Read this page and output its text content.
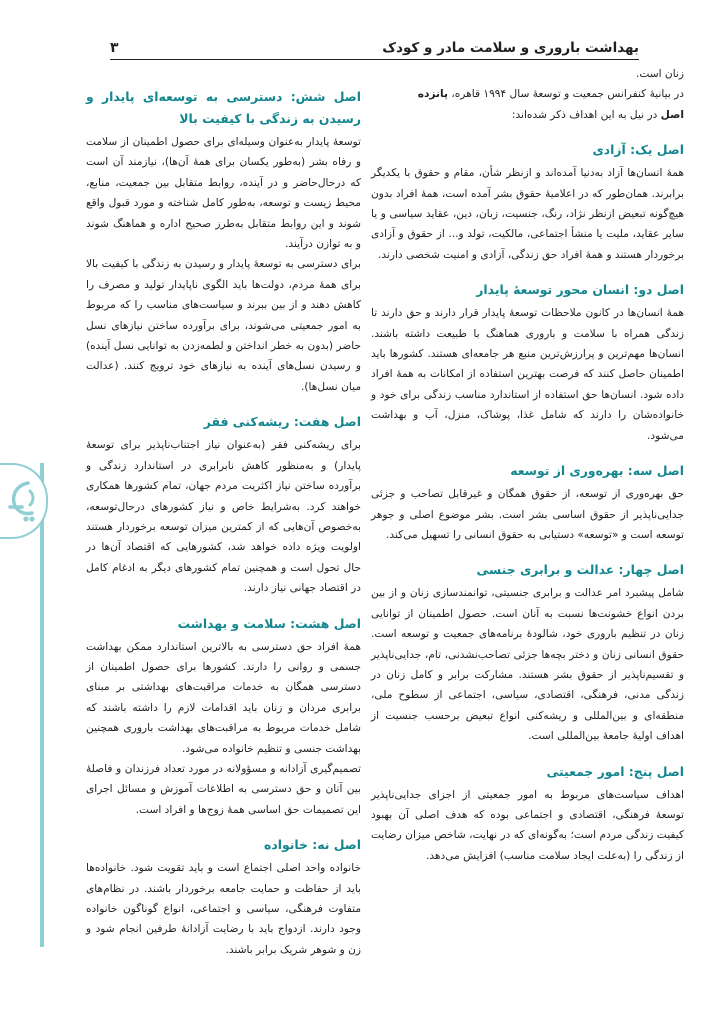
بهداشت باروری و سلامت مادر و کودک
۳

زنان است.

در بیانیهٔ کنفرانس جمعیت و توسعهٔ سال ۱۹۹۴ قاهره، پانزده

اصل در نیل به این اهداف ذکر شده‌اند:

اصل یک: آزادی

همهٔ انسان‌ها آزاد به‌دنیا آمده‌اند و ازنظر شأن، مقام و حقوق با یکدیگر برابرند. همان‌طور که در اعلامیهٔ حقوق بشر آمده است، همهٔ افراد بدون هیچ‌گونه تبعیض ازنظر نژاد، رنگ، جنسیت، زبان، دین، عقاید سیاسی و یا سایر عقاید، ملیت یا منشأ اجتماعی، مالکیت، تولد و... از حقوق و آزادی برخوردار هستند و همهٔ افراد حق زندگی، آزادی و امنیت شخصی دارند.

اصل دو: انسان محور توسعهٔ پایدار

همهٔ انسان‌ها در کانون ملاحظات توسعهٔ پایدار قرار دارند و حق دارند تا زندگی همراه با سلامت و باروری هماهنگ با طبیعت داشته باشند. انسان‌ها مهم‌ترین و پرارزش‌ترین منبع هر جامعه‌ای هستند. کشورها باید اطمینان حاصل کنند که فرصت بهترین استفاده از امکانات به همهٔ افراد داده شود. انسان‌ها حق استفاده از استاندارد مناسب زندگی برای خود و خانواده‌شان را دارند که شامل غذا، پوشاک، منزل، آب و بهداشت می‌شود.

اصل سه: بهره‌وری از توسعه

حق بهره‌وری از توسعه، از حقوق همگان و غیرقابل تصاحب و جزئی جدایی‌ناپذیر از حقوق اساسی بشر است. بشر موضوع اصلی و جوهر توسعه است و «توسعه» دستیابی به حقوق انسانی را تسهیل می‌کند.

اصل چهار: عدالت و برابری جنسی

شامل پیشبرد امر عدالت و برابری جنسیتی، توانمندسازی زنان و از بین بردن انواع خشونت‌ها نسبت به آنان است. حصول اطمینان از توانایی زنان در تنظیم باروری خود، شالودهٔ برنامه‌های جمعیت و توسعه است. حقوق انسانی زنان و دختر بچه‌ها جزئی تصاحب‌نشدنی، تام، جدایی‌ناپذیر و تقسیم‌ناپذیر از حقوق بشر هستند. مشارکت برابر و کامل زنان در زندگی مدنی، فرهنگی، اقتصادی، سیاسی، اجتماعی از سطوح ملی، منطقه‌ای و بین‌المللی و ریشه‌کنی انواع تبعیض برحسب جنسیت از اهداف اولیهٔ جامعهٔ بین‌المللی است.

اصل پنج: امور جمعیتی

اهداف سیاست‌های مربوط به امور جمعیتی از اجزای جدایی‌ناپذیر توسعهٔ فرهنگی، اقتصادی و اجتماعی بوده که هدف اصلی آن بهبود کیفیت زندگی مردم است؛ به‌گونه‌ای که در نهایت، شاخص میزان رضایت از زندگی را (به‌علت ایجاد سلامت مناسب) افزایش می‌دهد.

اصل شش: دسترسی به توسعه‌ای پایدار و رسیدن به زندگی با کیفیت بالا

توسعهٔ پایدار به‌عنوان وسیله‌ای برای حصول اطمینان از سلامت و رفاه بشر (به‌طور یکسان برای همهٔ آن‌ها)، نیازمند آن است که درحال‌حاضر و در آینده، روابط متقابل بین جمعیت، منابع، محیط زیست و توسعه، به‌طور کامل شناخته و مورد قبول واقع شوند و این روابط متقابل به‌طرز صحیح اداره و هماهنگ شوند و به توازن درآیند.

برای دسترسی به توسعهٔ پایدار و رسیدن به زندگی با کیفیت بالا برای همهٔ مردم، دولت‌ها باید الگوی ناپایدار تولید و مصرف را کاهش دهند و از بین ببرند و سیاست‌های مناسب را که مربوط به امور جمعیتی می‌شوند، برای برآورده ساختن نیازهای نسل حاضر (بدون به خطر انداختن و لطمه‌زدن به توانایی نسل آینده) و رسیدن نسل‌های آینده به نیازهای خود ترویج کنند. (عدالت میان نسل‌ها).

اصل هفت: ریشه‌کنی فقر

برای ریشه‌کنی فقر (به‌عنوان نیاز اجتناب‌ناپذیر برای توسعهٔ پایدار) و به‌منظور کاهش نابرابری در استاندارد زندگی و برآورده ساختن نیاز اکثریت مردم جهان، تمام کشورها همکاری خواهند کرد. به‌شرایط خاص و نیاز کشورهای درحال‌توسعه، به‌خصوص آن‌هایی که از کمترین میزان توسعه برخوردار هستند اولویت ویژه داده خواهد شد، کشورهایی که اقتصاد آن‌ها در حال تحول است و همچنین تمام کشورهای دیگر به ادغام کامل در اقتصاد جهانی نیاز دارند.

اصل هشت: سلامت و بهداشت

همهٔ افراد حق دسترسی به بالاترین استاندارد ممکن بهداشت جسمی و روانی را دارند. کشورها برای حصول اطمینان از دسترسی همگان به خدمات مراقبت‌های بهداشتی بر مبنای برابری مردان و زنان باید اقدامات لازم را داشته باشند که شامل خدمات مربوط به مراقبت‌های بهداشت باروری همچنین بهداشت جنسی و تنظیم خانواده می‌شود.

تصمیم‌گیری آزادانه و مسؤولانه در مورد تعداد فرزندان و فاصلهٔ بین آنان و حق دسترسی به اطلاعات آموزش و مسائل اجرای این تصمیمات حق اساسی همهٔ زوج‌ها و افراد است.

اصل نه: خانواده

خانواده واحد اصلی اجتماع است و باید تقویت شود. خانواده‌ها باید از حفاظت و حمایت جامعه برخوردار باشند. در نظام‌های متفاوت فرهنگی، سیاسی و اجتماعی، انواع گوناگون خانواده وجود دارند. ازدواج باید با رضایت آزادانهٔ طرفین انجام شود و زن و شوهر شریک برابر باشند.
